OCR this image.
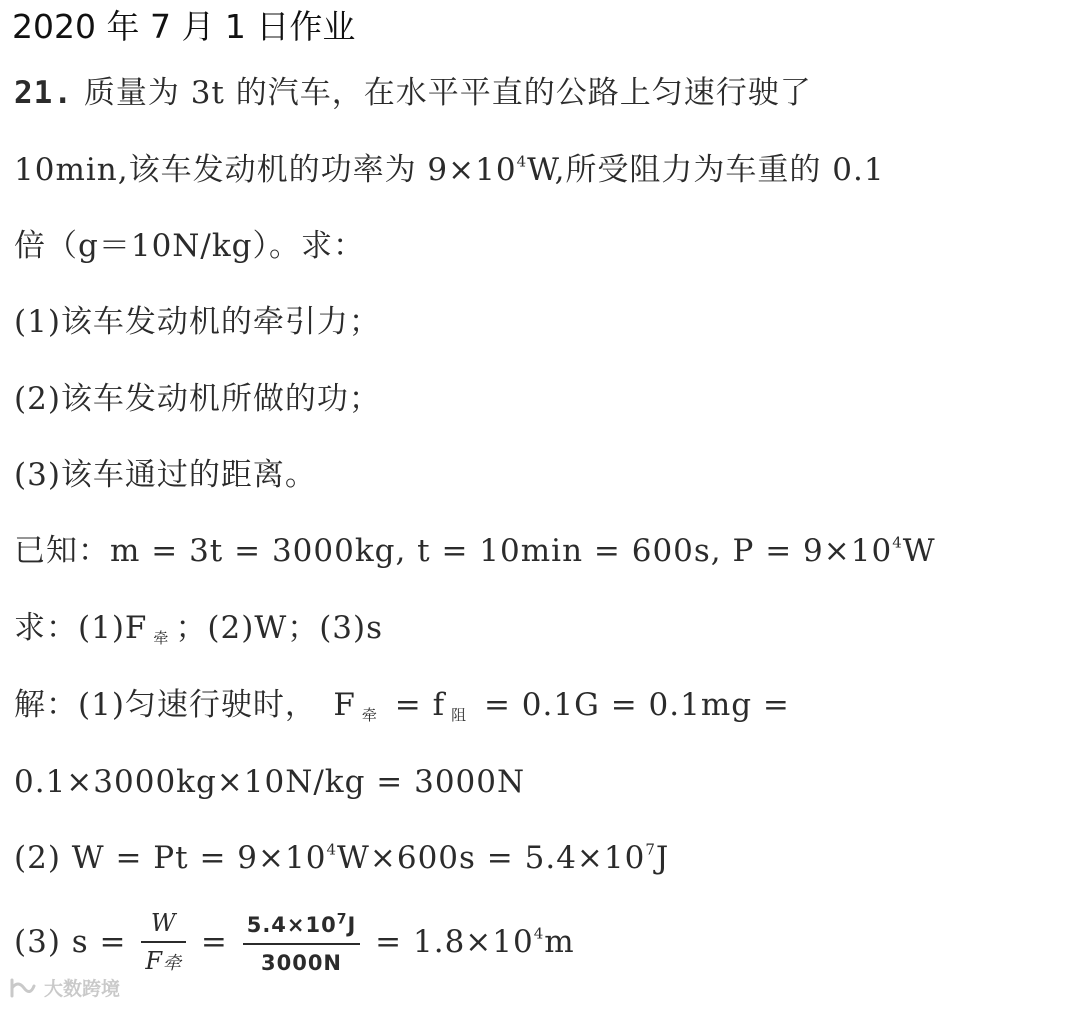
2020 年 7 月 1 日作业
21. 质量为 3t 的汽车，在水平平直的公路上匀速行驶了
10min,该车发动机的功率为 $9\times 10^4W$,所受阻力为车重的 0.1
倍（g＝10N/kg）。求：
(1)该车发动机的牵引力；
(2)该车发动机所做的功；
(3)该车通过的距离。
已知：m = 3t = 3000kg, t = 10min = 600s, $P = 9\times 10^4W$
求：(1)F $_牵$ ；(2)W；(3)s
解：(1)匀速行驶时，　F $_牵$ = f $_阻$ = 0.1G = 0.1mg =
0.1×3000kg×10N/kg = 3000N
(2) $W = Pt = 9\times 10^4W\times 600s = 5.4\times 10^7J$
(3) $s = \frac{W}{\text{F牵}} = \frac{5.4\times 10^7J}{3000N} = 1.8\times 10^4m$
大数跨境
